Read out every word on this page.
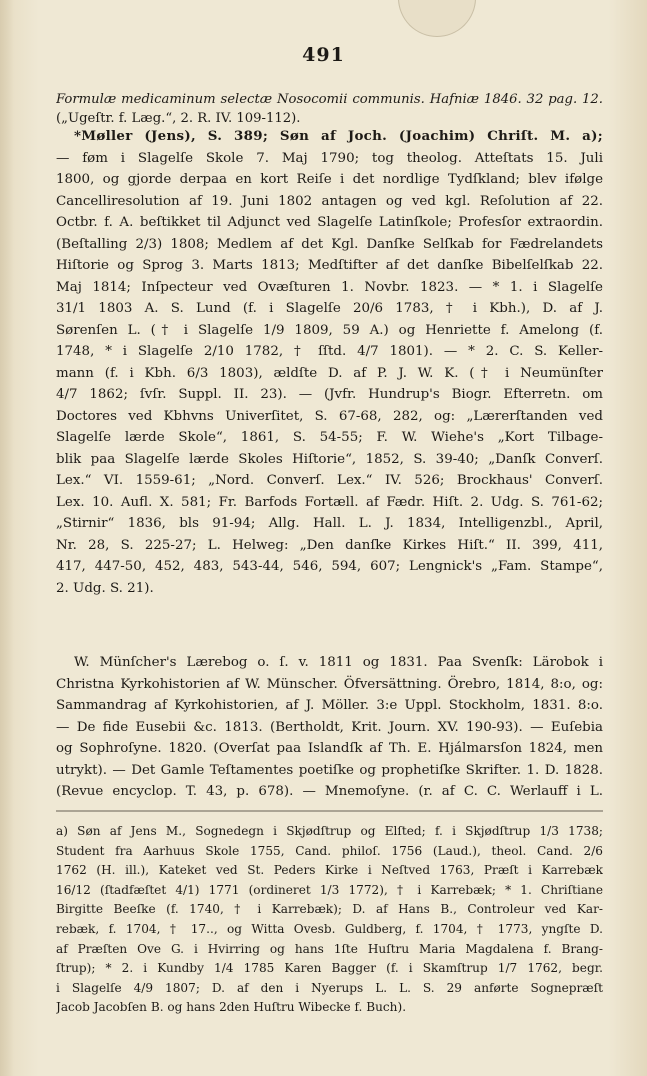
491
Formulæ medicaminum selectæ Nosocomii communis. Hafniæ 1846. 32 pag. 12.
(„Ugeſtr. f. Læg.“, 2. R. IV. 109‑112).
*Møller (Jens), S. 389; Søn af Joch. (Joachim) Chriſt. M. a);
— føm i Slagelſe Skole 7. Maj 1790; tog theolog. Atteſtats 15. Juli
1800, og gjorde derpaa en kort Reiſe i det nordlige Tydſkland; blev ifølge
Cancelliresolution af 19. Juni 1802 antagen og ved kgl. Reſolution af 22.
Octbr. f. A. beſtikket til Adjunct ved Slagelſe Latinſkole; Profesſor extraordin.
(Beſtalling 2/3) 1808; Medlem af det Kgl. Danſke Selſkab for Fædrelandets
Hiſtorie og Sprog 3. Marts 1813; Medſtifter af det danſke Bibelſelſkab 22.
Maj 1814; Inſpecteur ved Ovæſturen 1. Novbr. 1823. — * 1. i Slagelſe
31/1 1803 A. S. Lund (f. i Slagelſe 20/6 1783, † i Kbh.), D. af J.
Sørenſen L. († i Slagelſe 1/9 1809, 59 A.) og Henriette f. Amelong (f.
1748, * i Slagelſe 2/10 1782, † ſſtd. 4/7 1801). — * 2. C. S. Keller-
mann (f. i Kbh. 6/3 1803), ældſte D. af P. J. W. K. († i Neumünſter
4/7 1862; ſvſr. Suppl. II. 23). — (Jvfr. Hundrup's Biogr. Efterretn. om
Doctores ved Kbhvns Univerſitet, S. 67‑68, 282, og: „Lærerſtanden ved
Slagelſe lærde Skole“, 1861, S. 54‑55; F. W. Wiehe's „Kort Tilbage-
blik paa Slagelſe lærde Skoles Hiſtorie“, 1852, S. 39‑40; „Danſk Converſ.
Lex.“ VI. 1559‑61; „Nord. Converſ. Lex.“ IV. 526; Brockhaus' Converſ.
Lex. 10. Aufl. X. 581; Fr. Barfods Fortæll. af Fædr. Hiſt. 2. Udg. S. 761‑62;
„Stirnir“ 1836, bls 91‑94; Allg. Hall. L. J. 1834, Intelligenzbl., April,
Nr. 28, S. 225‑27; L. Helweg: „Den danſke Kirkes Hiſt.“ II. 399, 411,
417, 447‑50, 452, 483, 543‑44, 546, 594, 607; Lengnick's „Fam. Stampe“,
2. Udg. S. 21).
W. Münſcher's Lærebog o. ſ. v. 1811 og 1831. Paa Svenſk: Lärobok i
Christna Kyrkohistorien af W. Münscher. Öfversättning. Örebro, 1814, 8:o, og:
Sammandrag af Kyrkohistorien, af J. Möller. 3:e Uppl. Stockholm, 1831. 8:o.
— De fide Eusebii &c. 1813. (Bertholdt, Krit. Journ. XV. 190‑93). — Euſebia
og Sophroſyne. 1820. (Overſat paa Islandſk af Th. E. Hjálmarsſon 1824, men
utrykt). — Det Gamle Teſtamentes poetiſke og prophetiſke Skrifter. 1. D. 1828.
(Revue encyclop. T. 43, p. 678). — Mnemoſyne. (r. af C. C. Werlauff i L.
a) Søn af Jens M., Sognedegn i Skjødſtrup og Elſted; f. i Skjødſtrup 1/3 1738;
Student fra Aarhuus Skole 1755, Cand. philoſ. 1756 (Laud.), theol. Cand. 2/6
1762 (H. ill.), Kateket ved St. Peders Kirke i Neſtved 1763, Præſt i Karrebæk
16/12 (ſtadfæſtet 4/1) 1771 (ordineret 1/3 1772), † i Karrebæk; * 1. Chriſtiane
Birgitte Beeſke (f. 1740, † i Karrebæk); D. af Hans B., Controleur ved Kar-
rebæk, f. 1704, † 17.., og Witta Ovesb. Guldberg, f. 1704, † 1773, yngſte D.
af Præſten Ove G. i Hvirring og hans 1ſte Huſtru Maria Magdalena f. Brang-
ſtrup); * 2. i Kundby 1/4 1785 Karen Bagger (f. i Skamſtrup 1/7 1762, begr.
i Slagelſe 4/9 1807; D. af den i Nyerups L. L. S. 29 anførte Sognepræſt
Jacob Jacobſen B. og hans 2den Huſtru Wibecke f. Buch).
